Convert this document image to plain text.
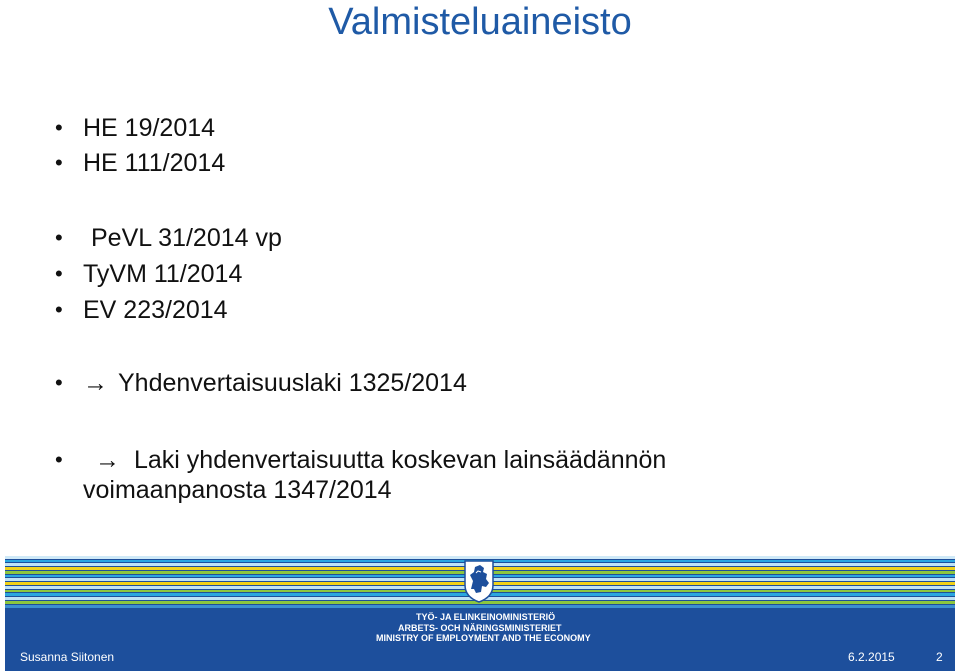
Valmisteluaineisto
• HE 19/2014
• HE 111/2014
• PeVL 31/2014 vp
• TyVM 11/2014
• EV 223/2014
• → Yhdenvertaisuuslaki 1325/2014
• → Laki yhdenvertaisuutta koskevan lainsäädännön
voimaanpanosta 1347/2014
TYÖ- JA ELINKEINOMINISTERIÖ
ARBETS- OCH NÄRINGSMINISTERIET
MINISTRY OF EMPLOYMENT AND THE ECONOMY
Susanna Siitonen	6.2.2015	2
